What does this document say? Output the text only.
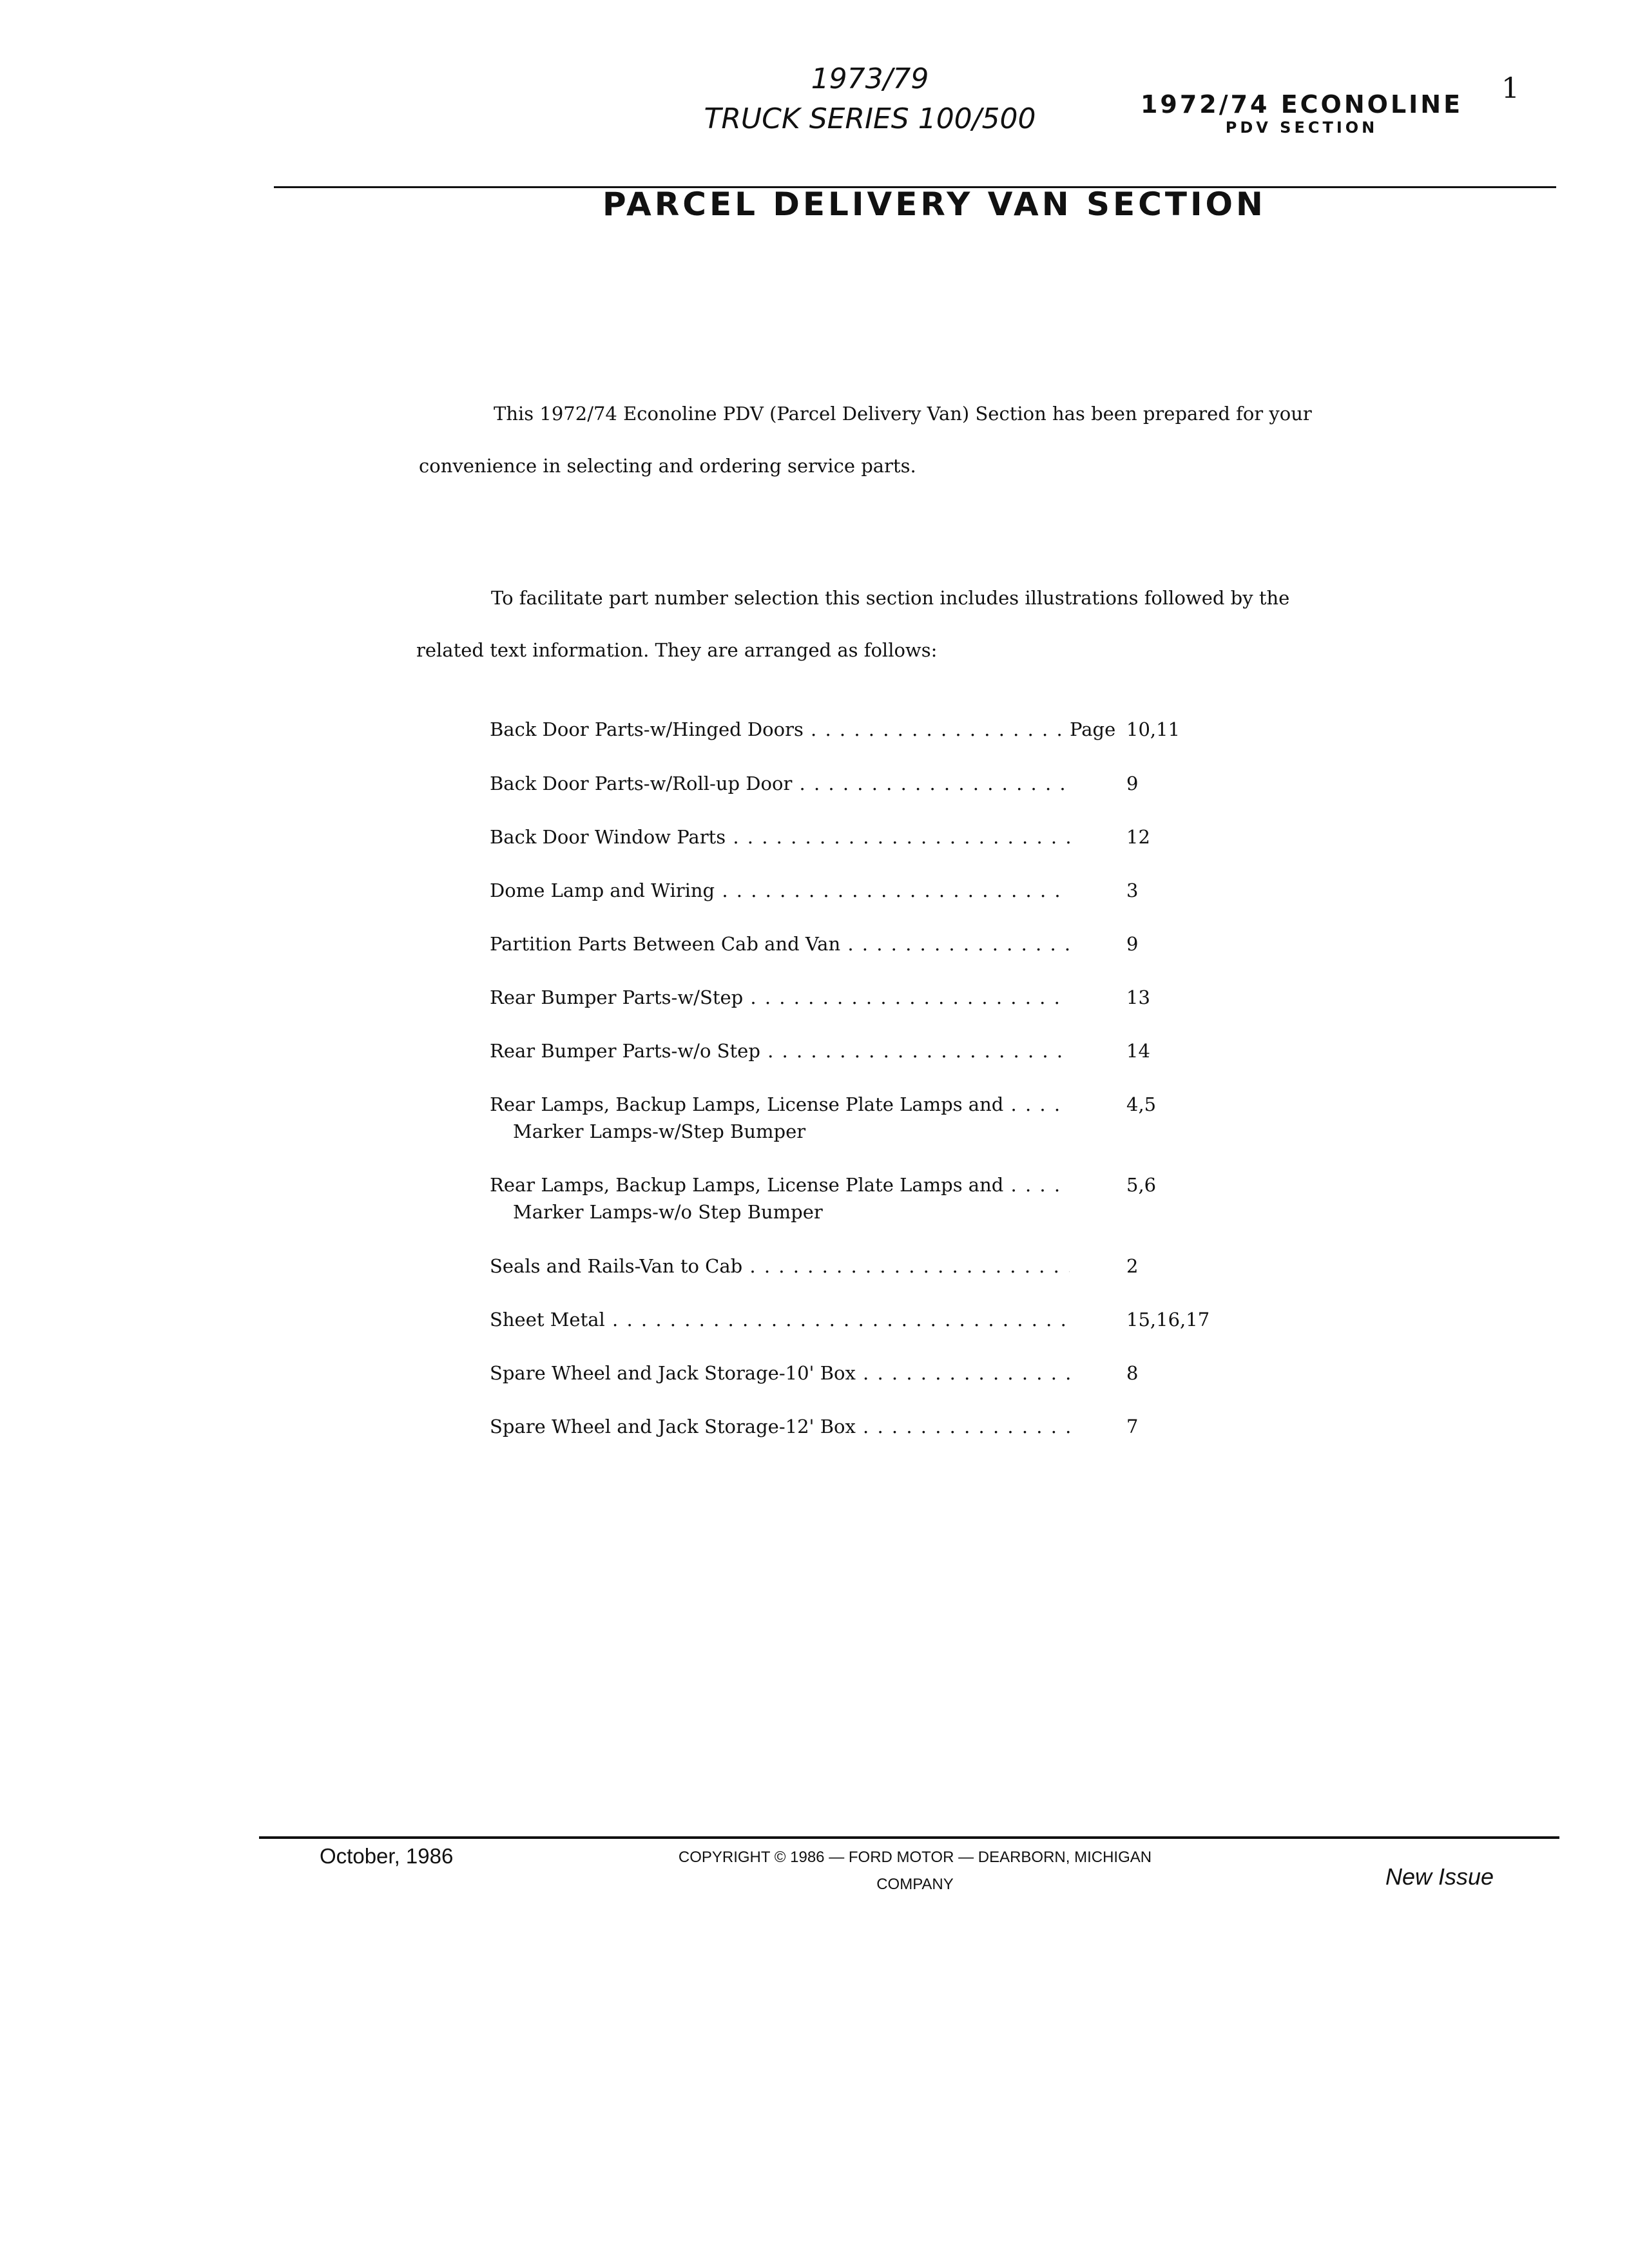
1973/79
TRUCK SERIES 100/500	1972/74 ECONOLINE
PDV SECTION
1
PARCEL DELIVERY VAN SECTION
This 1972/74 Econoline PDV (Parcel Delivery Van) Section has been prepared for your
convenience in selecting and ordering service parts.
To facilitate part number selection this section includes illustrations followed by the
related text information. They are arranged as follows:
Back Door Parts-w/Hinged Doors . . .	Page 10,11
Back Door Parts-w/Roll-up Door . . .	9
Back Door Window Parts . . .	12
Dome Lamp and Wiring . . .	3
Partition Parts Between Cab and Van . . .	9
Rear Bumper Parts-w/Step . . .	13
Rear Bumper Parts-w/o Step . . .	14
Rear Lamps, Backup Lamps, License Plate Lamps and . . .	4,5
Marker Lamps-w/Step Bumper
Rear Lamps, Backup Lamps, License Plate Lamps and . . .	5,6
Marker Lamps-w/o Step Bumper
Seals and Rails-Van to Cab . . .	2
Sheet Metal . . .	15,16,17
Spare Wheel and Jack Storage-10' Box . . .	8
Spare Wheel and Jack Storage-12' Box . . .	7
October, 1986	COPYRIGHT © 1986 — FORD MOTOR — DEARBORN, MICHIGAN
COMPANY	New Issue
